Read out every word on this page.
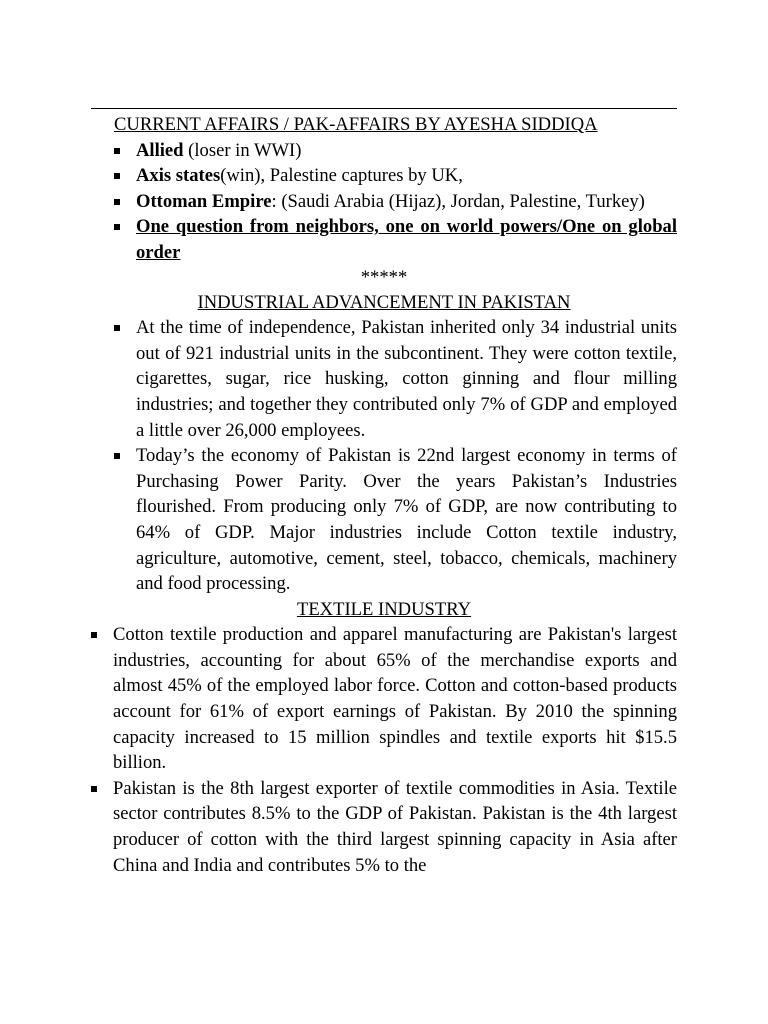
CURRENT AFFAIRS / PAK-AFFAIRS BY AYESHA SIDDIQA

Allied (loser in WWI)
Axis states(win), Palestine captures by UK,
Ottoman Empire: (Saudi Arabia (Hijaz), Jordan, Palestine, Turkey)
One question from neighbors, one on world powers/One on global order
*****

INDUSTRIAL ADVANCEMENT IN PAKISTAN

At the time of independence, Pakistan inherited only 34 industrial units out of 921 industrial units in the subcontinent. They were cotton textile, cigarettes, sugar, rice husking, cotton ginning and flour milling industries; and together they contributed only 7% of GDP and employed a little over 26,000 employees.
Today’s the economy of Pakistan is 22nd largest economy in terms of Purchasing Power Parity. Over the years Pakistan’s Industries flourished. From producing only 7% of GDP, are now contributing to 64% of GDP. Major industries include Cotton textile industry, agriculture, automotive, cement, steel, tobacco, chemicals, machinery and food processing.

TEXTILE INDUSTRY

Cotton textile production and apparel manufacturing are Pakistan's largest industries, accounting for about 65% of the merchandise exports and almost 45% of the employed labor force. Cotton and cotton-based products account for 61% of export earnings of Pakistan. By 2010 the spinning capacity increased to 15 million spindles and textile exports hit $15.5 billion.
Pakistan is the 8th largest exporter of textile commodities in Asia. Textile sector contributes 8.5% to the GDP of Pakistan. Pakistan is the 4th largest producer of cotton with the third largest spinning capacity in Asia after China and India and contributes 5% to the
